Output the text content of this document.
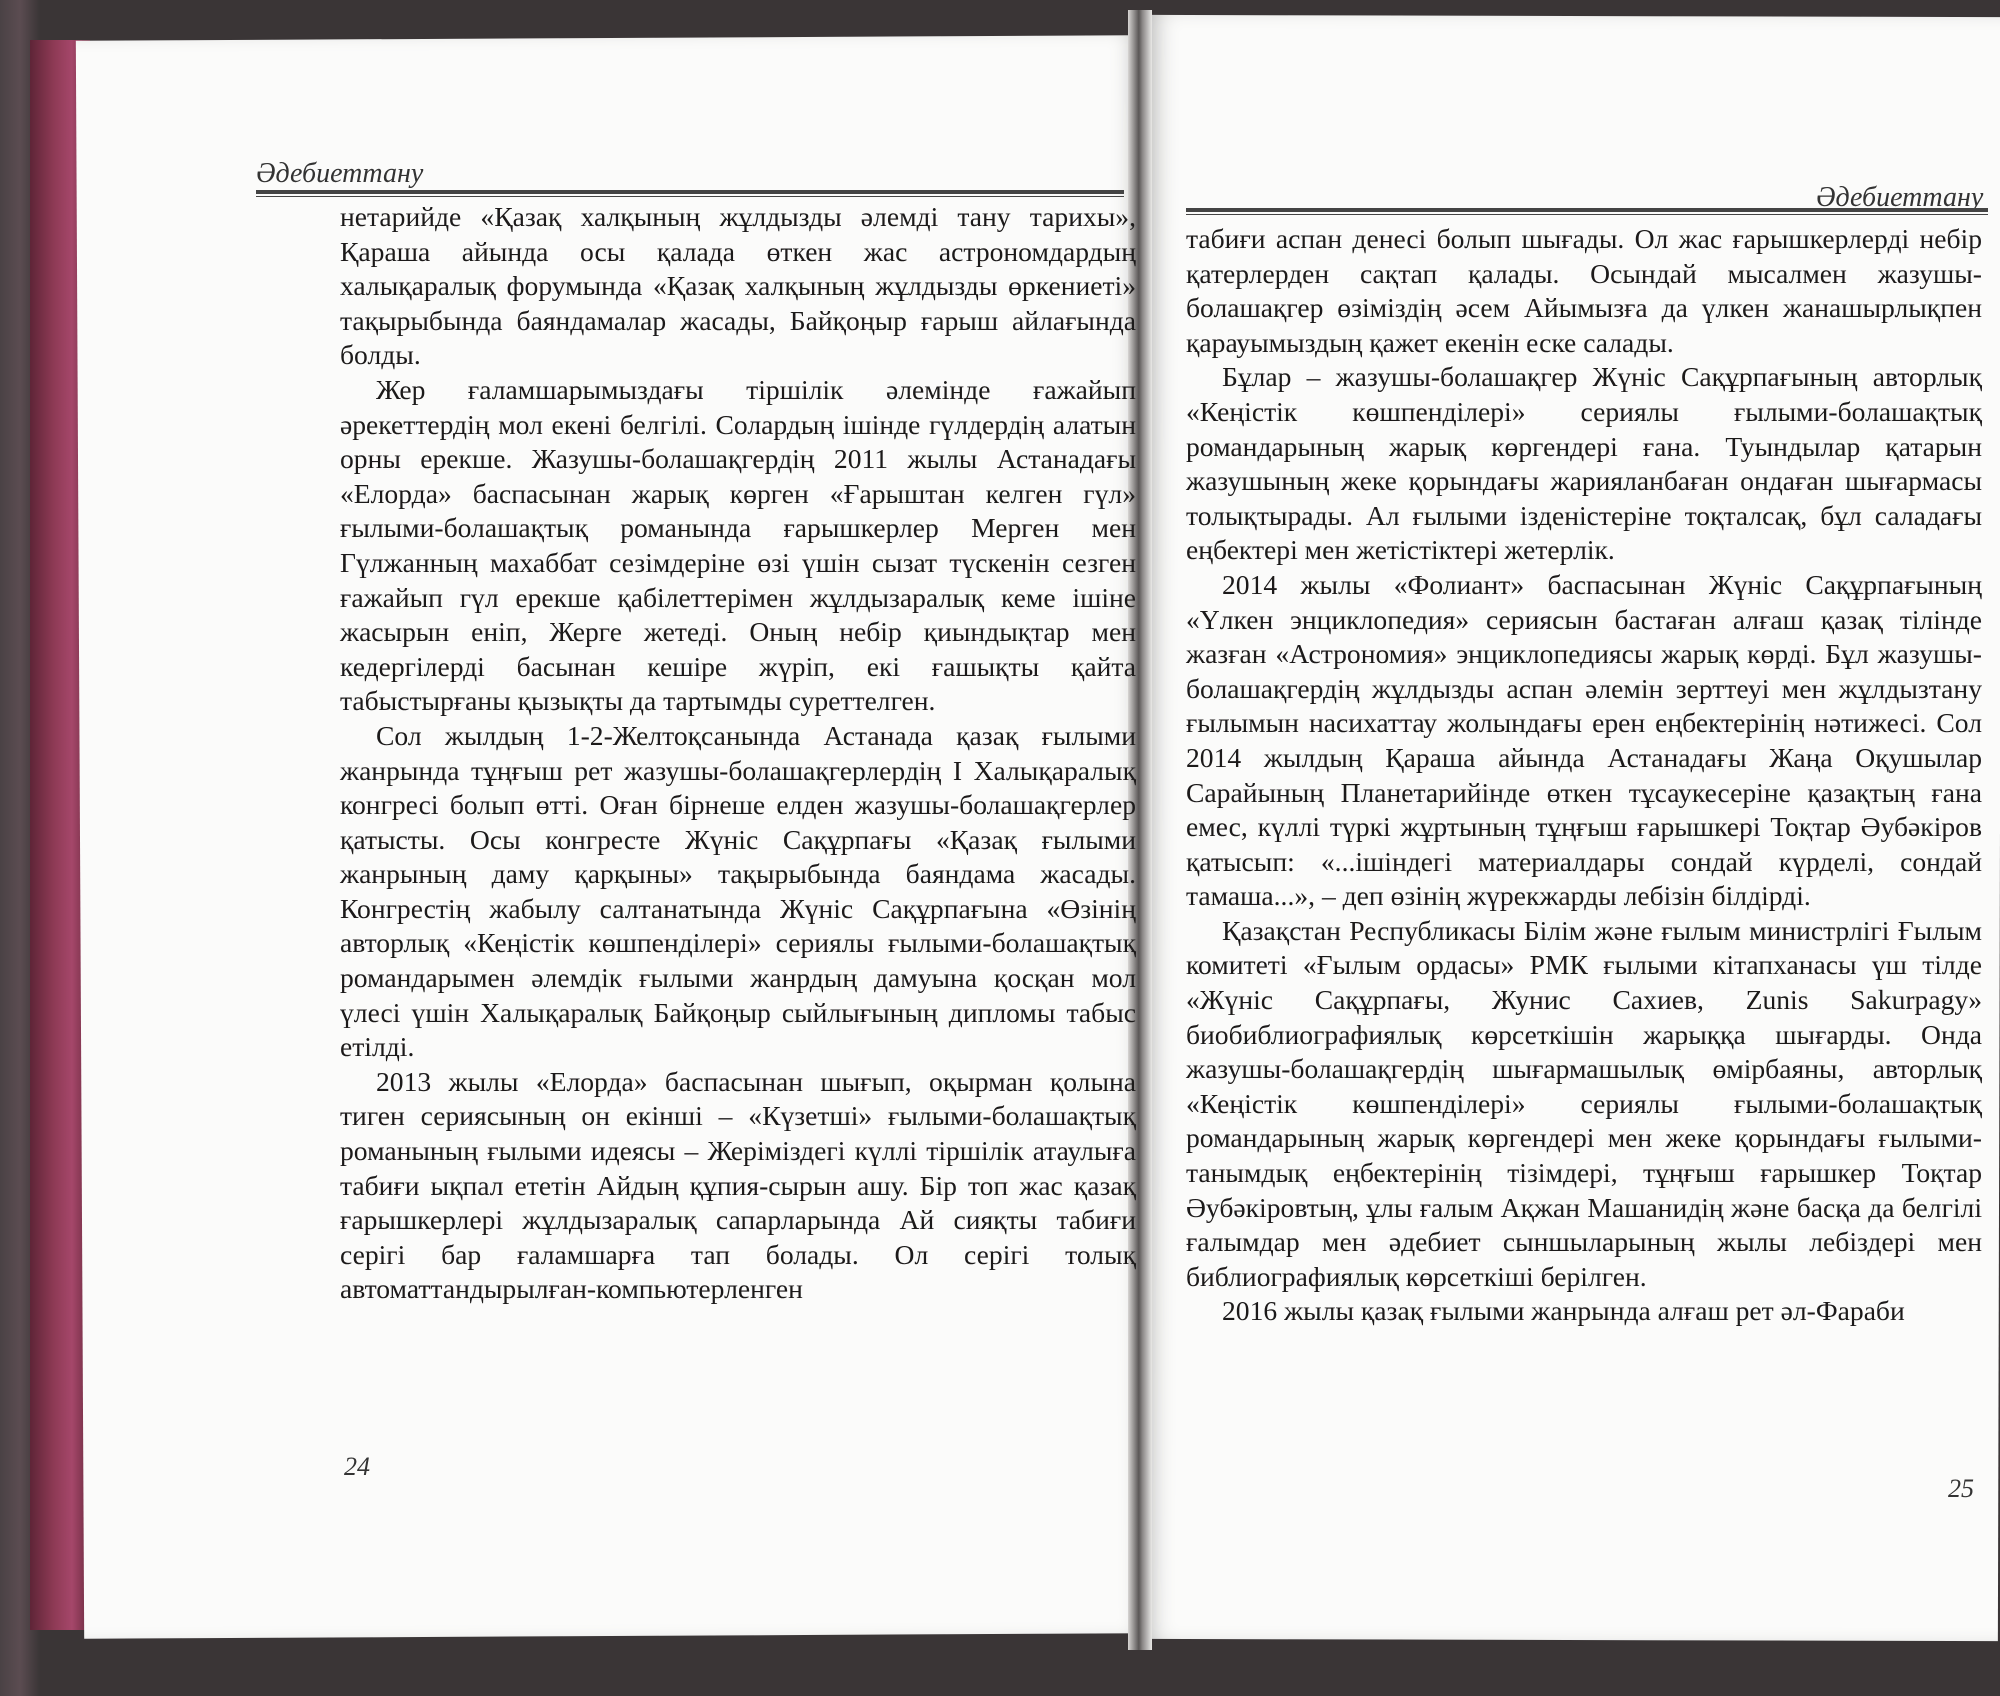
Әдебиеттану

нетарийде «Қазақ халқының жұлдызды әлемді тану тарихы», Қараша айында осы қалада өткен жас астрономдардың халықаралық форумында «Қазақ халқының жұлдызды өркениеті» тақырыбында баяндамалар жасады, Байқоңыр ғарыш айлағында болды.

Жер ғаламшарымыздағы тіршілік әлемінде ғажайып әрекеттердің мол екені белгілі. Солардың ішінде гүлдердің алатын орны ерекше. Жазушы-болашақгердің 2011 жылы Астанадағы «Елорда» баспасынан жарық көрген «Ғарыштан келген гүл» ғылыми-болашақтық романында ғарышкерлер Мерген мен Гүлжанның махаббат сезімдеріне өзі үшін сызат түскенін сезген ғажайып гүл ерекше қабілеттерімен жұлдызаралық кеме ішіне жасырын еніп, Жерге жетеді. Оның небір қиындықтар мен кедергілерді басынан кешіре жүріп, екі ғашықты қайта табыстырғаны қызықты да тартымды суреттелген.

Сол жылдың 1-2-Желтоқсанында Астанада қазақ ғылыми жанрында тұңғыш рет жазушы-болашақгерлердің I Халықаралық конгресі болып өтті. Оған бірнеше елден жазушы-болашақгерлер қатысты. Осы конгресте Жүніс Сақұрпағы «Қазақ ғылыми жанрының даму қарқыны» тақырыбында баяндама жасады. Конгрестің жабылу салтанатында Жүніс Сақұрпағына «Өзінің авторлық «Кеңістік көшпенділері» сериялы ғылыми-болашақтық романдарымен әлемдік ғылыми жанрдың дамуына қосқан мол үлесі үшін Халықаралық Байқоңыр сыйлығының дипломы табыс етілді.

2013 жылы «Елорда» баспасынан шығып, оқырман қолына тиген сериясының он екінші – «Күзетші» ғылыми-болашақтық романының ғылыми идеясы – Жеріміздегі күллі тіршілік атаулыға табиғи ықпал ететін Айдың құпия-сырын ашу. Бір топ жас қазақ ғарышкерлері жұлдызаралық сапарларында Ай сияқты табиғи серігі бар ғаламшарға тап болады. Ол серігі толық автоматтандырылған-компьютерленген

24
Әдебиеттану

табиғи аспан денесі болып шығады. Ол жас ғарышкерлерді небір қатерлерден сақтап қалады. Осындай мысалмен жазушы-болашақгер өзіміздің әсем Айымызға да үлкен жанашырлықпен қарауымыздың қажет екенін еске салады.

Бұлар – жазушы-болашақгер Жүніс Сақұрпағының авторлық «Кеңістік көшпенділері» сериялы ғылыми-болашақтық романдарының жарық көргендері ғана. Туындылар қатарын жазушының жеке қорындағы жарияланбаған ондаған шығармасы толықтырады. Ал ғылыми ізденістеріне тоқталсақ, бұл саладағы еңбектері мен жетістіктері жетерлік.

2014 жылы «Фолиант» баспасынан Жүніс Сақұрпағының «Үлкен энциклопедия» сериясын бастаған алғаш қазақ тілінде жазған «Астрономия» энциклопедиясы жарық көрді. Бұл жазушы-болашақгердің жұлдызды аспан әлемін зерттеуі мен жұлдызтану ғылымын насихаттау жолындағы ерен еңбектерінің нәтижесі. Сол 2014 жылдың Қараша айында Астанадағы Жаңа Оқушылар Сарайының Планетарийінде өткен тұсаукесеріне қазақтың ғана емес, күллі түркі жұртының тұңғыш ғарышкері Тоқтар Әубәкіров қатысып: «...ішіндегі материалдары сондай күрделі, сондай тамаша...», – деп өзінің жүрекжарды лебізін білдірді.

Қазақстан Республикасы Білім және ғылым министрлігі Ғылым комитеті «Ғылым ордасы» РМК ғылыми кітапханасы үш тілде «Жүніс Сақұрпағы, Жунис Сахиев, Zunis Sakurpagy» биобиблиографиялық көрсеткішін жарыққа шығарды. Онда жазушы-болашақгердің шығармашылық өмірбаяны, авторлық «Кеңістік көшпенділері» сериялы ғылыми-болашақтық романдарының жарық көргендері мен жеке қорындағы ғылыми-танымдық еңбектерінің тізімдері, тұңғыш ғарышкер Тоқтар Әубәкіровтың, ұлы ғалым Ақжан Машанидің және басқа да белгілі ғалымдар мен әдебиет сыншыларының жылы лебіздері мен библиографиялық көрсеткіші берілген.

2016 жылы қазақ ғылыми жанрында алғаш рет әл-Фараби

25
